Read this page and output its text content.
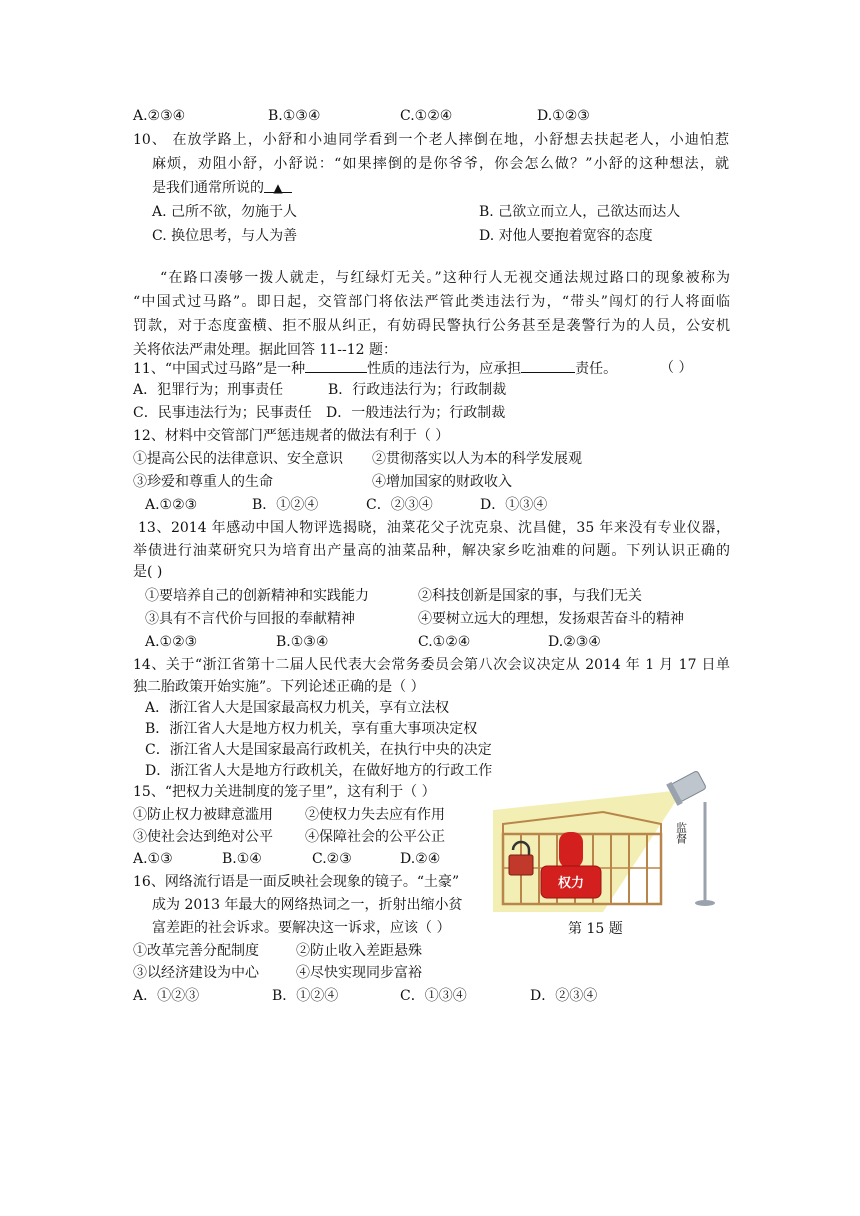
A.②③④	B.①③④	C.①②④	D.①②③
10、 在放学路上，小舒和小迪同学看到一个老人摔倒在地，小舒想去扶起老人，小迪怕惹
麻烦，劝阻小舒，小舒说：“如果摔倒的是你爷爷，你会怎么做？”小舒的这种想法，就
是我们通常所说的 ▲
A. 己所不欲，勿施于人	B. 己欲立而立人，己欲达而达人
C. 换位思考，与人为善	D. 对他人要抱着宽容的态度
“在路口凑够一拨人就走，与红绿灯无关。”这种行人无视交通法规过路口的现象被称为
“中国式过马路”。即日起，交管部门将依法严管此类违法行为，“带头”闯灯的行人将面临
罚款，对于态度蛮横、拒不服从纠正，有妨碍民警执行公务甚至是袭警行为的人员，公安机
关将依法严肃处理。据此回答 11--12 题：
11、“中国式过马路”是一种	性质的违法行为，应承担	责任。	（ ）
A．犯罪行为；刑事责任	B．行政违法行为；行政制裁
C．民事违法行为；民事责任 D．一般违法行为；行政制裁
12、材料中交管部门严惩违规者的做法有利于（ ）
①提高公民的法律意识、安全意识 ②贯彻落实以人为本的科学发展观
③珍爱和尊重人的生命	④增加国家的财政收入
A.①②③	B．①②④	C．②③④	D．①③④
13、2014 年感动中国人物评选揭晓，油菜花父子沈克泉、沈昌健，35 年来没有专业仪器，
举债进行油菜研究只为培育出产量高的油菜品种，解决家乡吃油难的问题。下列认识正确的
是( )
①要培养自己的创新精神和实践能力	②科技创新是国家的事，与我们无关
③具有不言代价与回报的奉献精神	④要树立远大的理想，发扬艰苦奋斗的精神
A.①②③	B.①③④	C.①②④	D.②③④
14、关于“浙江省第十二届人民代表大会常务委员会第八次会议决定从 2014 年 1 月 17 日单
独二胎政策开始实施”。下列论述正确的是（ ）
A．浙江省人大是国家最高权力机关，享有立法权
B．浙江省人大是地方权力机关，享有重大事项决定权
C．浙江省人大是国家最高行政机关，在执行中央的决定
D．浙江省人大是地方行政机关，在做好地方的行政工作
15、“把权力关进制度的笼子里”，这有利于（ ）
①防止权力被肆意滥用 ②使权力失去应有作用
③使社会达到绝对公平 ④保障社会的公平公正
A.①③	B.①④	C.②③	D.②④
监督
权力
第 15 题
16、网络流行语是一面反映社会现象的镜子。“土豪”
成为 2013 年最大的网络热词之一，折射出缩小贫
富差距的社会诉求。要解决这一诉求，应该（ ）
①改革完善分配制度	②防止收入差距悬殊
③以经济建设为中心	④尽快实现同步富裕
A．①②③	B．①②④	C．①③④	D．②③④
